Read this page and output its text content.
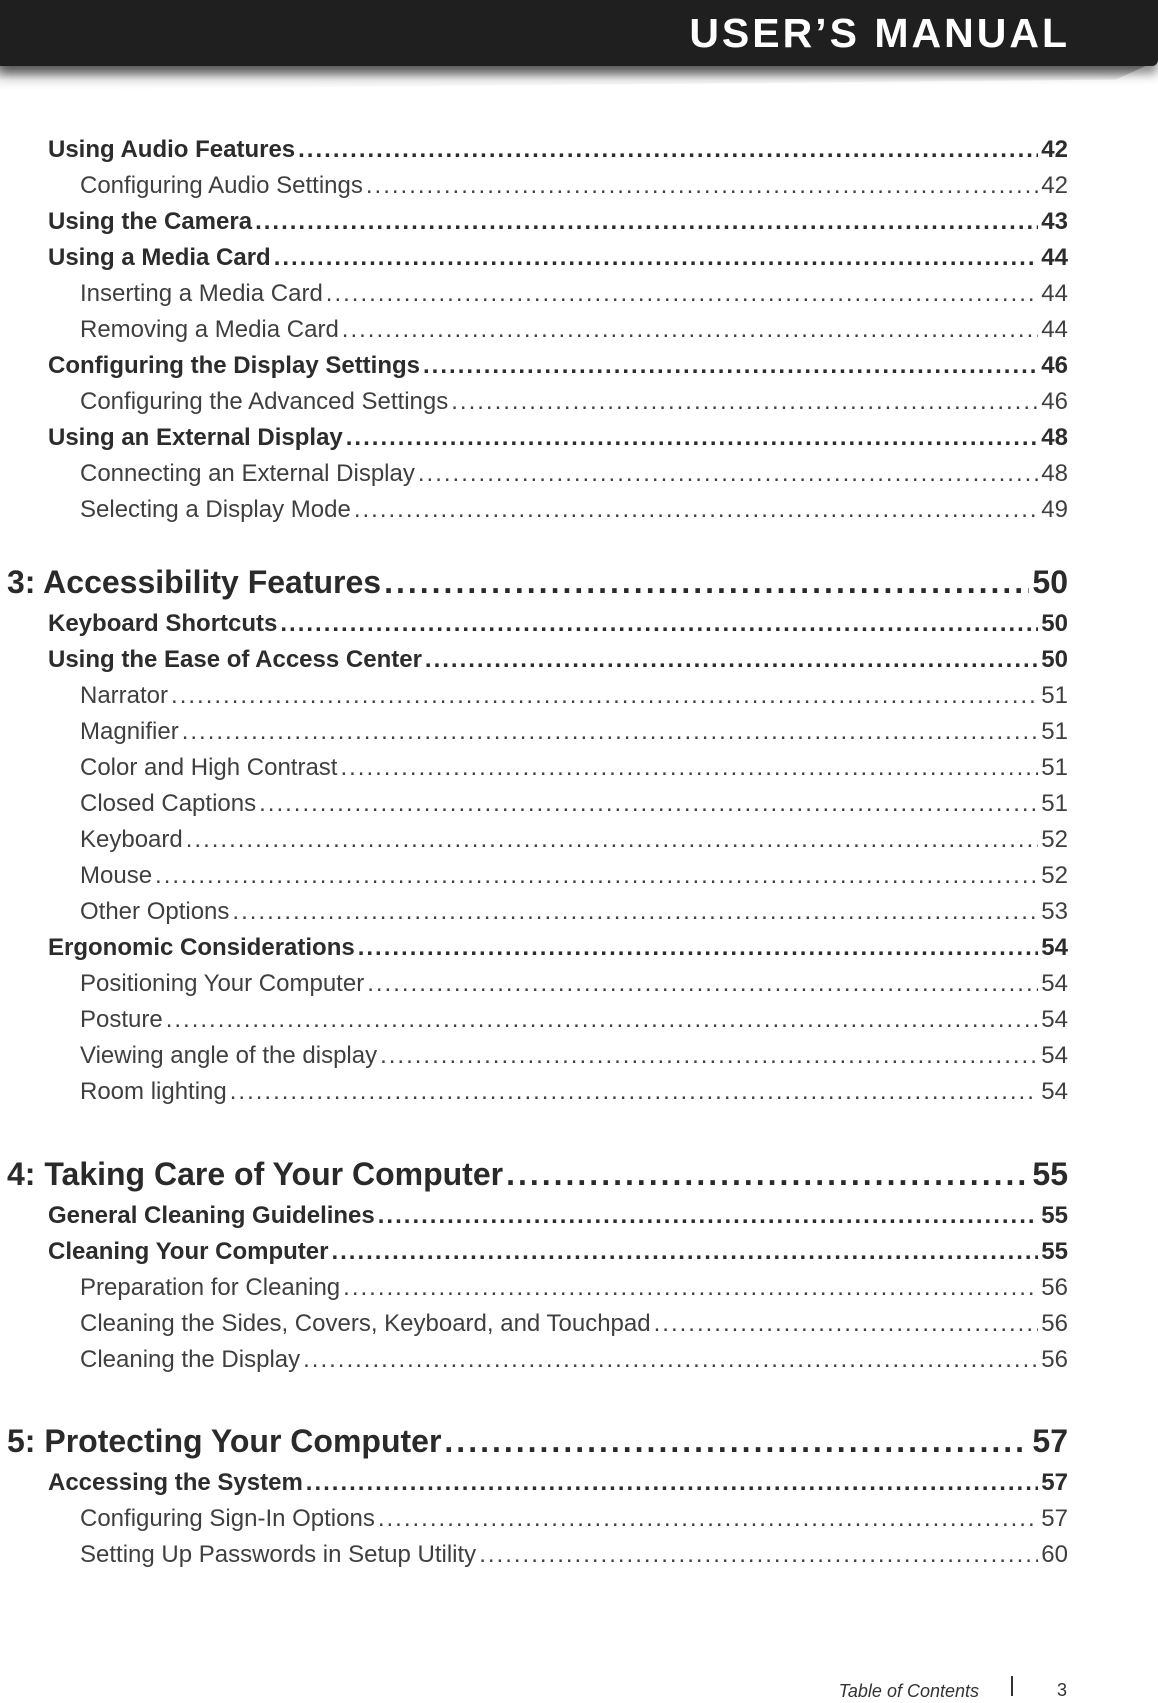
USER’S MANUAL
Using Audio Features .....	42
Configuring Audio Settings .....	42
Using the Camera .....	43
Using a Media Card .....	44
Inserting a Media Card .....	44
Removing a Media Card .....	44
Configuring the Display Settings .....	46
Configuring the Advanced Settings .....	46
Using an External Display .....	48
Connecting an External Display .....	48
Selecting a Display Mode .....	49
3: Accessibility Features .....	50
Keyboard Shortcuts .....	50
Using the Ease of Access Center .....	50
Narrator .....	51
Magnifier .....	51
Color and High Contrast .....	51
Closed Captions .....	51
Keyboard .....	52
Mouse .....	52
Other Options .....	53
Ergonomic Considerations .....	54
Positioning Your Computer .....	54
Posture .....	54
Viewing angle of the display .....	54
Room lighting .....	54
4: Taking Care of Your Computer .....	55
General Cleaning Guidelines .....	55
Cleaning Your Computer .....	55
Preparation for Cleaning .....	56
Cleaning the Sides, Covers, Keyboard, and Touchpad .....	56
Cleaning the Display .....	56
5: Protecting Your Computer .....	57
Accessing the System .....	57
Configuring Sign-In Options .....	57
Setting Up Passwords in Setup Utility .....	60
Table of Contents	3
